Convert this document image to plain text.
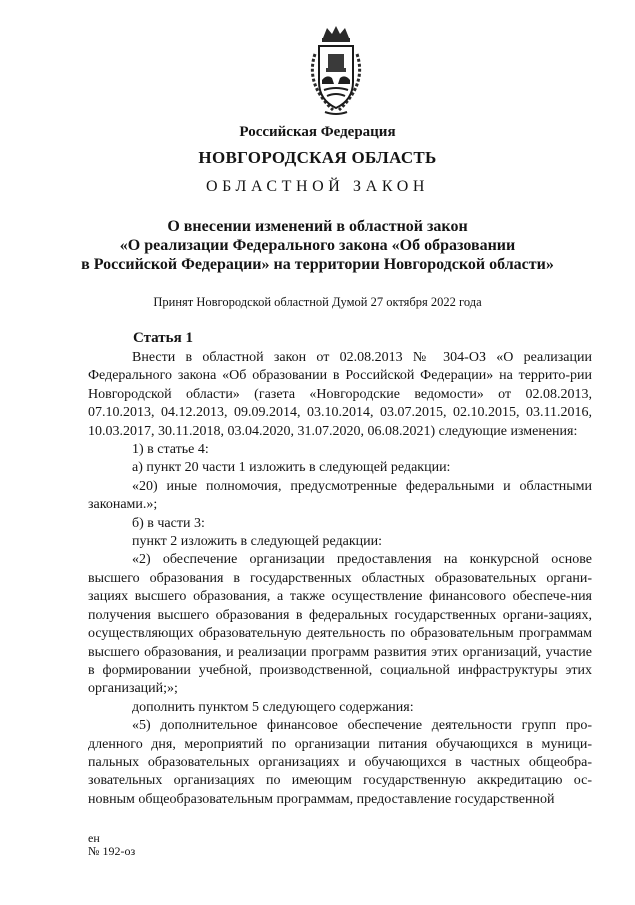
Российская Федерация

НОВГОРОДСКАЯ ОБЛАСТЬ

ОБЛАСТНОЙ ЗАКОН

О внесении изменений в областной закон
«О реализации Федерального закона «Об образовании
в Российской Федерации» на территории Новгородской области»

Принят Новгородской областной Думой 27 октября 2022 года

Статья 1

Внести в областной закон от 02.08.2013 № 304-ОЗ «О реализации Федерального закона «Об образовании в Российской Федерации» на террито-рии Новгородской области» (газета «Новгородские ведомости» от 02.08.2013, 07.10.2013, 04.12.2013, 09.09.2014, 03.10.2014, 03.07.2015, 02.10.2015, 03.11.2016, 10.03.2017, 30.11.2018, 03.04.2020, 31.07.2020, 06.08.2021) следующие изменения:

1) в статье 4:

а) пункт 20 части 1 изложить в следующей редакции:

«20) иные полномочия, предусмотренные федеральными и областными законами.»;

б) в части 3:

пункт 2 изложить в следующей редакции:

«2) обеспечение организации предоставления на конкурсной основе высшего образования в государственных областных образовательных органи-зациях высшего образования, а также осуществление финансового обеспече-ния получения высшего образования в федеральных государственных органи-зациях, осуществляющих образовательную деятельность по образовательным программам высшего образования, и реализации программ развития этих организаций, участие в формировании учебной, производственной, социальной инфраструктуры этих организаций;»;

дополнить пунктом 5 следующего содержания:

«5) дополнительное финансовое обеспечение деятельности групп про-дленного дня, мероприятий по организации питания обучающихся в муници-пальных образовательных организациях и обучающихся в частных общеобра-зовательных организациях по имеющим государственную аккредитацию ос-новным общеобразовательным программам, предоставление государственной

ен
№ 192-оз
